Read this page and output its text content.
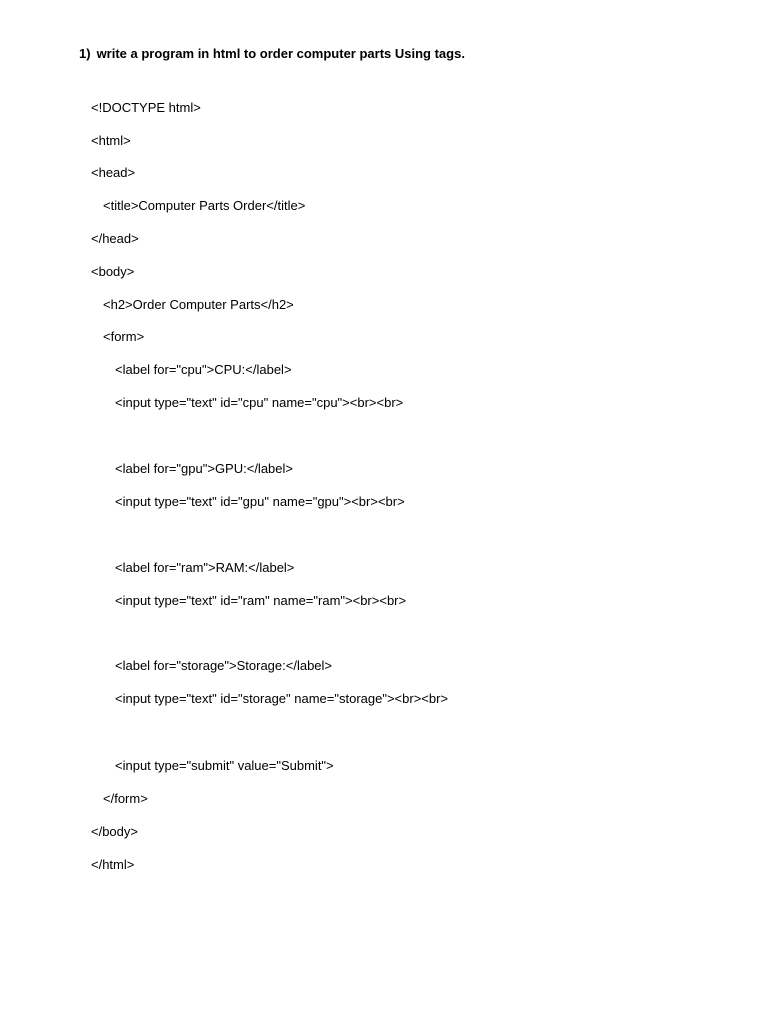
1) write a program in html to order computer parts Using tags.
<!DOCTYPE html>
<html>
<head>
<title>Computer Parts Order</title>
</head>
<body>
<h2>Order Computer Parts</h2>
<form>
<label for="cpu">CPU:</label>
<input type="text" id="cpu" name="cpu"><br><br>
<label for="gpu">GPU:</label>
<input type="text" id="gpu" name="gpu"><br><br>
<label for="ram">RAM:</label>
<input type="text" id="ram" name="ram"><br><br>
<label for="storage">Storage:</label>
<input type="text" id="storage" name="storage"><br><br>
<input type="submit" value="Submit">
</form>
</body>
</html>
